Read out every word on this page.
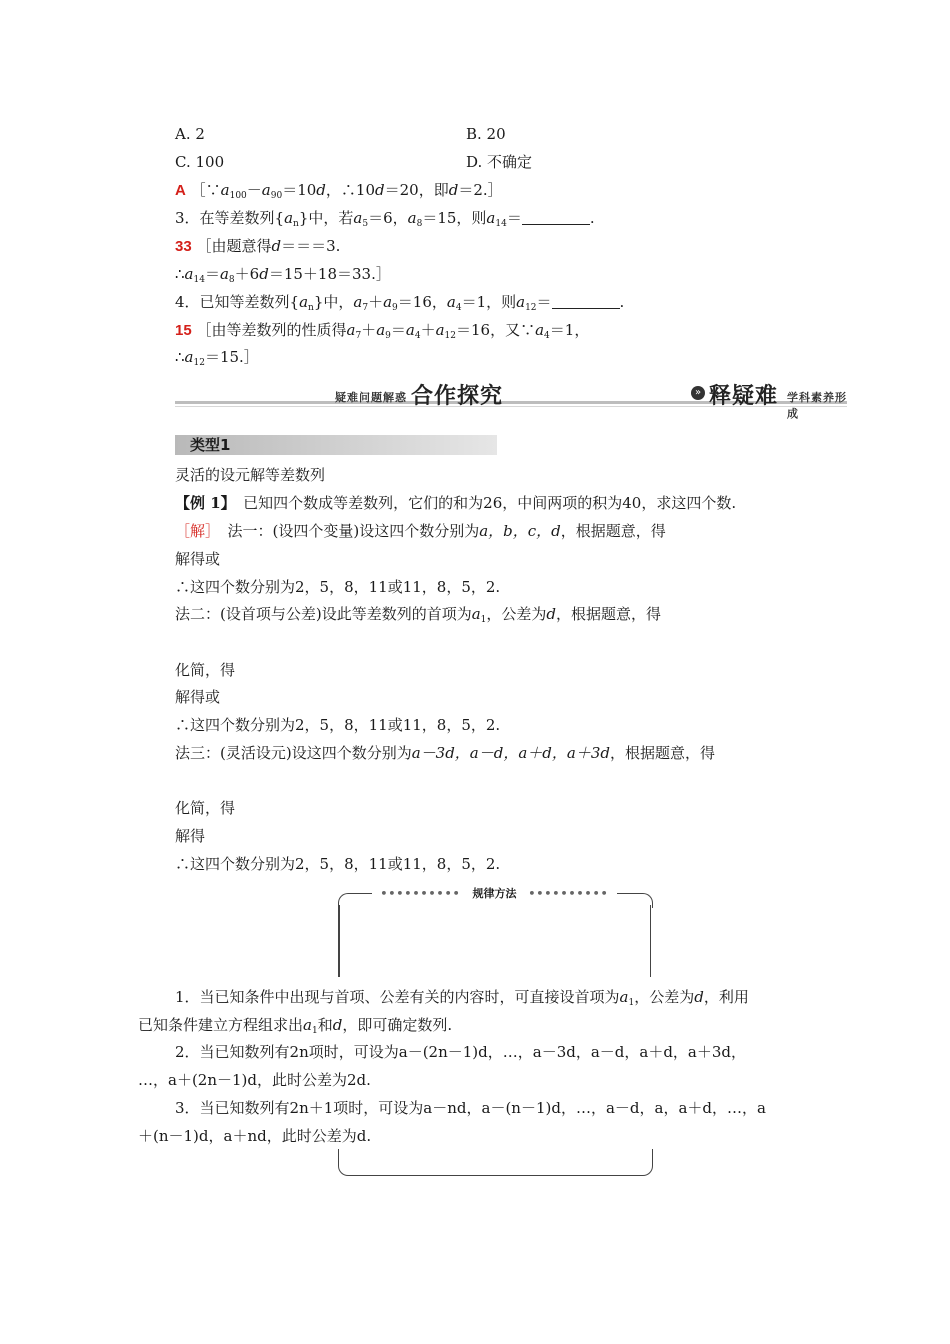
A. 2	B. 20
C. 100	D. 不确定
A $[\because a_{100}-a_{90}=10d$，∴10d＝20，即d＝2.］
3．在等差数列$\{a_n\}$中，若$a_5=6$，$a_8=15$，则$a_{14}=$	.
33 ［由题意得d＝＝＝3.
$\therefore a_{14}=a_8+6d=15+18=33.]$
4．已知等差数列$\{a_n\}$中，$a_7+a_9=16$，$a_4=1$，则$a_{12}=$	.
15 ［由等差数列的性质得$a_7+a_9=a_4+a_{12}=16$，又$\because a_4=1$，
$\therefore a_{12}=15.]$
疑难问题解惑 合作探究	» 释疑难 学科素养形成
类型1
灵活的设元解等差数列
【例 1】　已知四个数成等差数列，它们的和为26，中间两项的积为40，求这四个数.
［解］　法一：(设四个变量)设这四个数分别为a，b，c，d，根据题意，得
解得或
∴这四个数分别为2，5，8，11或11，8，5，2.
法二：(设首项与公差)设此等差数列的首项为$a_1$，公差为d，根据题意，得
化简，得
解得或
∴这四个数分别为2，5，8，11或11，8，5，2.
法三：(灵活设元)设这四个数分别为a－3d，a－d，a＋d，a＋3d，根据题意，得
化简，得
解得
∴这四个数分别为2，5，8，11或11，8，5，2.
•••••••••• 规律方法 ••••••••••
1．当已知条件中出现与首项、公差有关的内容时，可直接设首项为$a_1$，公差为d，利用
已知条件建立方程组求出$a_1$和d，即可确定数列.
2．当已知数列有2n项时，可设为a－(2n－1)d，…，a－3d，a－d，a＋d，a＋3d，
…，a＋(2n－1)d，此时公差为2d.
3．当已知数列有2n＋1项时，可设为a－nd，a－(n－1)d，…，a－d，a，a＋d，…，a
＋(n－1)d，a＋nd，此时公差为d.
